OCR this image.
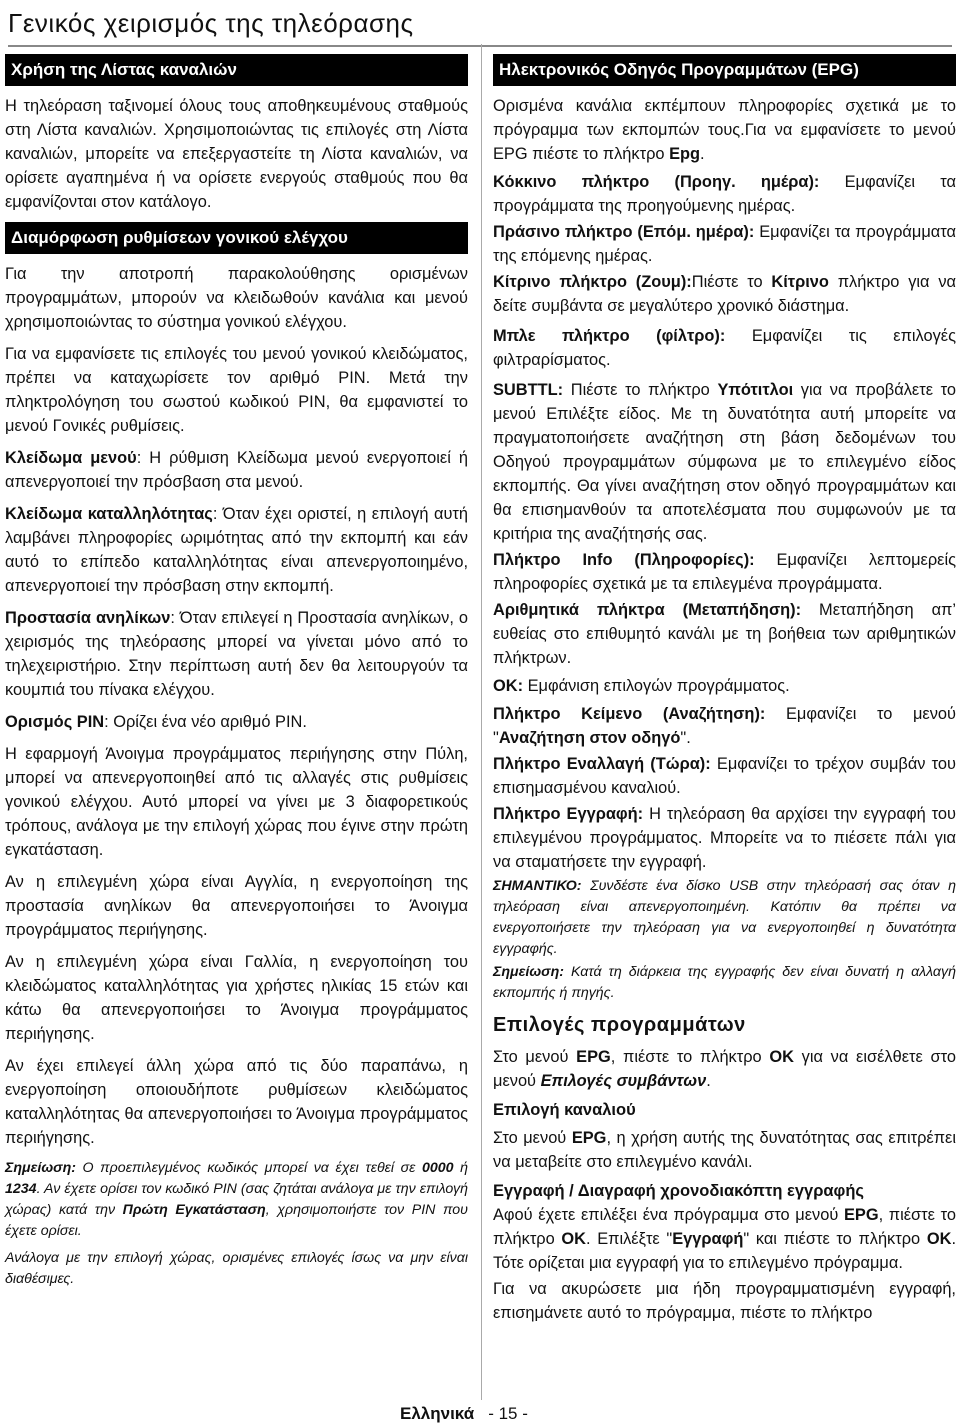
Γενικός χειρισμός της τηλεόρασης
Χρήση της Λίστας καναλιών

Η τηλεόραση ταξινομεί όλους τους αποθηκευμένους σταθμούς στη Λίστα καναλιών. Χρησιμοποιώντας τις επιλογές στη Λίστα καναλιών, μπορείτε να επεξεργαστείτε τη Λίστα καναλιών, να ορίσετε αγαπημένα ή να ορίσετε ενεργούς σταθμούς που θα εμφανίζονται στον κατάλογο.

Διαμόρφωση ρυθμίσεων γονικού ελέγχου

Για την αποτροπή παρακολούθησης ορισμένων προγραμμάτων, μπορούν να κλειδωθούν κανάλια και μενού χρησιμοποιώντας το σύστημα γονικού ελέγχου.

Για να εμφανίσετε τις επιλογές του μενού γονικού κλειδώματος, πρέπει να καταχωρίσετε τον αριθμό PIN. Μετά την πληκτρολόγηση του σωστού κωδικού PIN, θα εμφανιστεί το μενού Γονικές ρυθμίσεις.

Κλείδωμα μενού: Η ρύθμιση Κλείδωμα μενού ενεργοποιεί ή απενεργοποιεί την πρόσβαση στα μενού.

Κλείδωμα καταλληλότητας: Όταν έχει οριστεί, η επιλογή αυτή λαμβάνει πληροφορίες ωριμότητας από την εκπομπή και εάν αυτό το επίπεδο καταλληλότητας είναι απενεργοποιημένο, απενεργοποιεί την πρόσβαση στην εκπομπή.

Προστασία ανηλίκων: Όταν επιλεγεί η Προστασία ανηλίκων, ο χειρισμός της τηλεόρασης μπορεί να γίνεται μόνο από το τηλεχειριστήριο. Στην περίπτωση αυτή δεν θα λειτουργούν τα κουμπιά του πίνακα ελέγχου.

Ορισμός PIN: Ορίζει ένα νέο αριθμό PIN.

Η εφαρμογή Άνοιγμα προγράμματος περιήγησης στην Πύλη, μπορεί να απενεργοποιηθεί από τις αλλαγές στις ρυθμίσεις γονικού ελέγχου. Αυτό μπορεί να γίνει με 3 διαφορετικούς τρόπους, ανάλογα με την επιλογή χώρας που έγινε στην πρώτη εγκατάσταση.

Αν η επιλεγμένη χώρα είναι Αγγλία, η ενεργοποίηση της προστασία ανηλίκων θα απενεργοποιήσει το Άνοιγμα προγράμματος περιήγησης.

Αν η επιλεγμένη χώρα είναι Γαλλία, η ενεργοποίηση του κλειδώματος καταλληλότητας για χρήστες ηλικίας 15 ετών και κάτω θα απενεργοποιήσει το Άνοιγμα προγράμματος περιήγησης.

Αν έχει επιλεγεί άλλη χώρα από τις δύο παραπάνω, η ενεργοποίηση οποιουδήποτε ρυθμίσεων κλειδώματος καταλληλότητας θα απενεργοποιήσει το Άνοιγμα προγράμματος περιήγησης.

Σημείωση: Ο προεπιλεγμένος κωδικός μπορεί να έχει τεθεί σε 0000 ή 1234. Αν έχετε ορίσει τον κωδικό PIN (σας ζητάται ανάλογα με την επιλογή χώρας) κατά την Πρώτη Εγκατάσταση, χρησιμοποιήστε τον PIN που έχετε ορίσει.

Ανάλογα με την επιλογή χώρας, ορισμένες επιλογές ίσως να μην είναι διαθέσιμες.

Ηλεκτρονικός Οδηγός Προγραμμάτων (EPG)

Ορισμένα κανάλια εκπέμπουν πληροφορίες σχετικά με το πρόγραμμα των εκπομπών τους.Για να εμφανίσετε το μενού EPG πιέστε το πλήκτρο Epg.

Κόκκινο πλήκτρο (Προηγ. ημέρα): Εμφανίζει τα προγράμματα της προηγούμενης ημέρας.

Πράσινο πλήκτρο (Επόμ. ημέρα): Εμφανίζει τα προγράμματα της επόμενης ημέρας.

Κίτρινο πλήκτρο (Ζουμ):Πιέστε το Κίτρινο πλήκτρο για να δείτε συμβάντα σε μεγαλύτερο χρονικό διάστημα.

Μπλε πλήκτρο (φίλτρο): Εμφανίζει τις επιλογές φιλτραρίσματος.

SUBTTL: Πιέστε το πλήκτρο Υπότιτλοι για να προβάλετε το μενού Επιλέξτε είδος. Με τη δυνατότητα αυτή μπορείτε να πραγματοποιήσετε αναζήτηση στη βάση δεδομένων του Οδηγού προγραμμάτων σύμφωνα με το επιλεγμένο είδος εκπομπής. Θα γίνει αναζήτηση στον οδηγό προγραμμάτων και θα επισημανθούν τα αποτελέσματα που συμφωνούν με τα κριτήρια της αναζήτησής σας.

Πλήκτρο Info (Πληροφορίες): Εμφανίζει λεπτομερείς πληροφορίες σχετικά με τα επιλεγμένα προγράμματα.

Αριθμητικά πλήκτρα (Μεταπήδηση): Μεταπήδηση απ’ ευθείας στο επιθυμητό κανάλι με τη βοήθεια των αριθμητικών πλήκτρων.

OK: Εμφάνιση επιλογών προγράμματος.

Πλήκτρο Κείμενο (Αναζήτηση): Εμφανίζει το μενού "Αναζήτηση στον οδηγό".

Πλήκτρο Εναλλαγή (Τώρα): Εμφανίζει το τρέχον συμβάν του επισημασμένου καναλιού.

Πλήκτρο Εγγραφή: Η τηλεόραση θα αρχίσει την εγγραφή του επιλεγμένου προγράμματος. Μπορείτε να το πιέσετε πάλι για να σταματήσετε την εγγραφή.

ΣΗΜΑΝΤΙΚΟ: Συνδέστε ένα δίσκο USB στην τηλεόρασή σας όταν η τηλεόραση είναι απενεργοποιημένη. Κατόπιν θα πρέπει να ενεργοποιήσετε την τηλεόραση για να ενεργοποιηθεί η δυνατότητα εγγραφής.

Σημείωση: Κατά τη διάρκεια της εγγραφής δεν είναι δυνατή η αλλαγή εκπομπής ή πηγής.

Επιλογές προγραμμάτων

Στο μενού EPG, πιέστε το πλήκτρο OK για να εισέλθετε στο μενού Επιλογές συμβάντων.

Επιλογή καναλιού

Στο μενού EPG, η χρήση αυτής της δυνατότητας σας επιτρέπει να μεταβείτε στο επιλεγμένο κανάλι.

Εγγραφή / Διαγραφή χρονοδιακόπτη εγγραφής

Αφού έχετε επιλέξει ένα πρόγραμμα στο μενού EPG, πιέστε το πλήκτρο OK. Επιλέξτε "Εγγραφή" και πιέστε το πλήκτρο OK. Τότε ορίζεται μια εγγραφή για το επιλεγμένο πρόγραμμα.

Για να ακυρώσετε μια ήδη προγραμματισμένη εγγραφή, επισημάνετε αυτό το πρόγραμμα, πιέστε το πλήκτρο

Ελληνικά - 15 -
